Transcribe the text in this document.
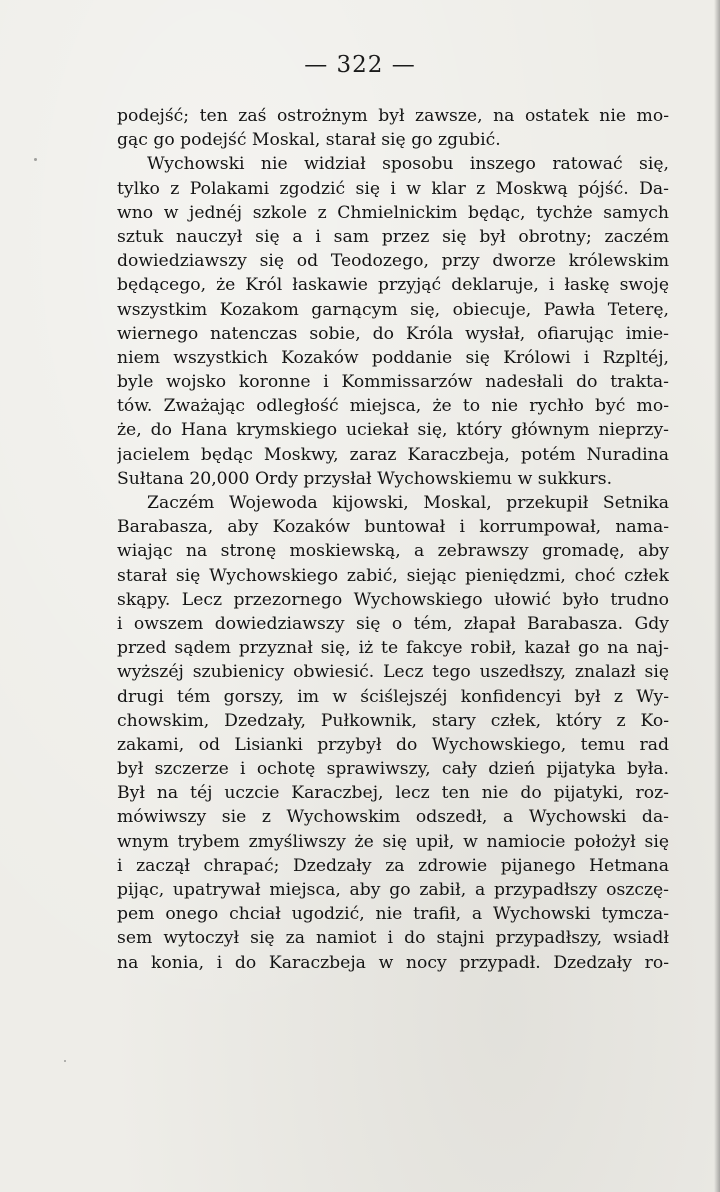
— 322 —
podejść; ten zaś ostrożnym był zawsze, na ostatek nie mo-
gąc go podejść Moskal, starał się go zgubić.
Wychowski nie widział sposobu inszego ratować się,
tylko z Polakami zgodzić się i w klar z Moskwą pójść. Da-
wno w jednéj szkole z Chmielnickim będąc, tychże samych
sztuk nauczył się a i sam przez się był obrotny; zaczém
dowiedziawszy się od Teodozego, przy dworze królewskim
będącego, że Król łaskawie przyjąć deklaruje, i łaskę swoję
wszystkim Kozakom garnącym się, obiecuje, Pawła Teterę,
wiernego natenczas sobie, do Króla wysłał, ofiarując imie-
niem wszystkich Kozaków poddanie się Królowi i Rzpltéj,
byle wojsko koronne i Kommissarzów nadesłali do trakta-
tów. Zważając odległość miejsca, że to nie rychło być mo-
że, do Hana krymskiego uciekał się, który głównym nieprzy-
jacielem będąc Moskwy, zaraz Karaczbeja, potém Nuradina
Sułtana 20,000 Ordy przysłał Wychowskiemu w sukkurs.
Zaczém Wojewoda kijowski, Moskal, przekupił Setnika
Barabasza, aby Kozaków buntował i korrumpował, nama-
wiając na stronę moskiewską, a zebrawszy gromadę, aby
starał się Wychowskiego zabić, siejąc pieniędzmi, choć człek
skąpy. Lecz przezornego Wychowskiego ułowić było trudno
i owszem dowiedziawszy się o tém, złapał Barabasza. Gdy
przed sądem przyznał się, iż te fakcye robił, kazał go na naj-
wyższéj szubienicy obwiesić. Lecz tego uszedłszy, znalazł się
drugi tém gorszy, im w ściślejszéj konfidencyi był z Wy-
chowskim, Dzedzały, Pułkownik, stary człek, który z Ko-
zakami, od Lisianki przybył do Wychowskiego, temu rad
był szczerze i ochotę sprawiwszy, cały dzień pijatyka była.
Był na téj uczcie Karaczbej, lecz ten nie do pijatyki, roz-
mówiwszy sie z Wychowskim odszedł, a Wychowski da-
wnym trybem zmyśliwszy że się upił, w namiocie położył się
i zaczął chrapać; Dzedzały za zdrowie pijanego Hetmana
pijąc, upatrywał miejsca, aby go zabił, a przypadłszy oszczę-
pem onego chciał ugodzić, nie trafił, a Wychowski tymcza-
sem wytoczył się za namiot i do stajni przypadłszy, wsiadł
na konia, i do Karaczbeja w nocy przypadł. Dzedzały ro-
